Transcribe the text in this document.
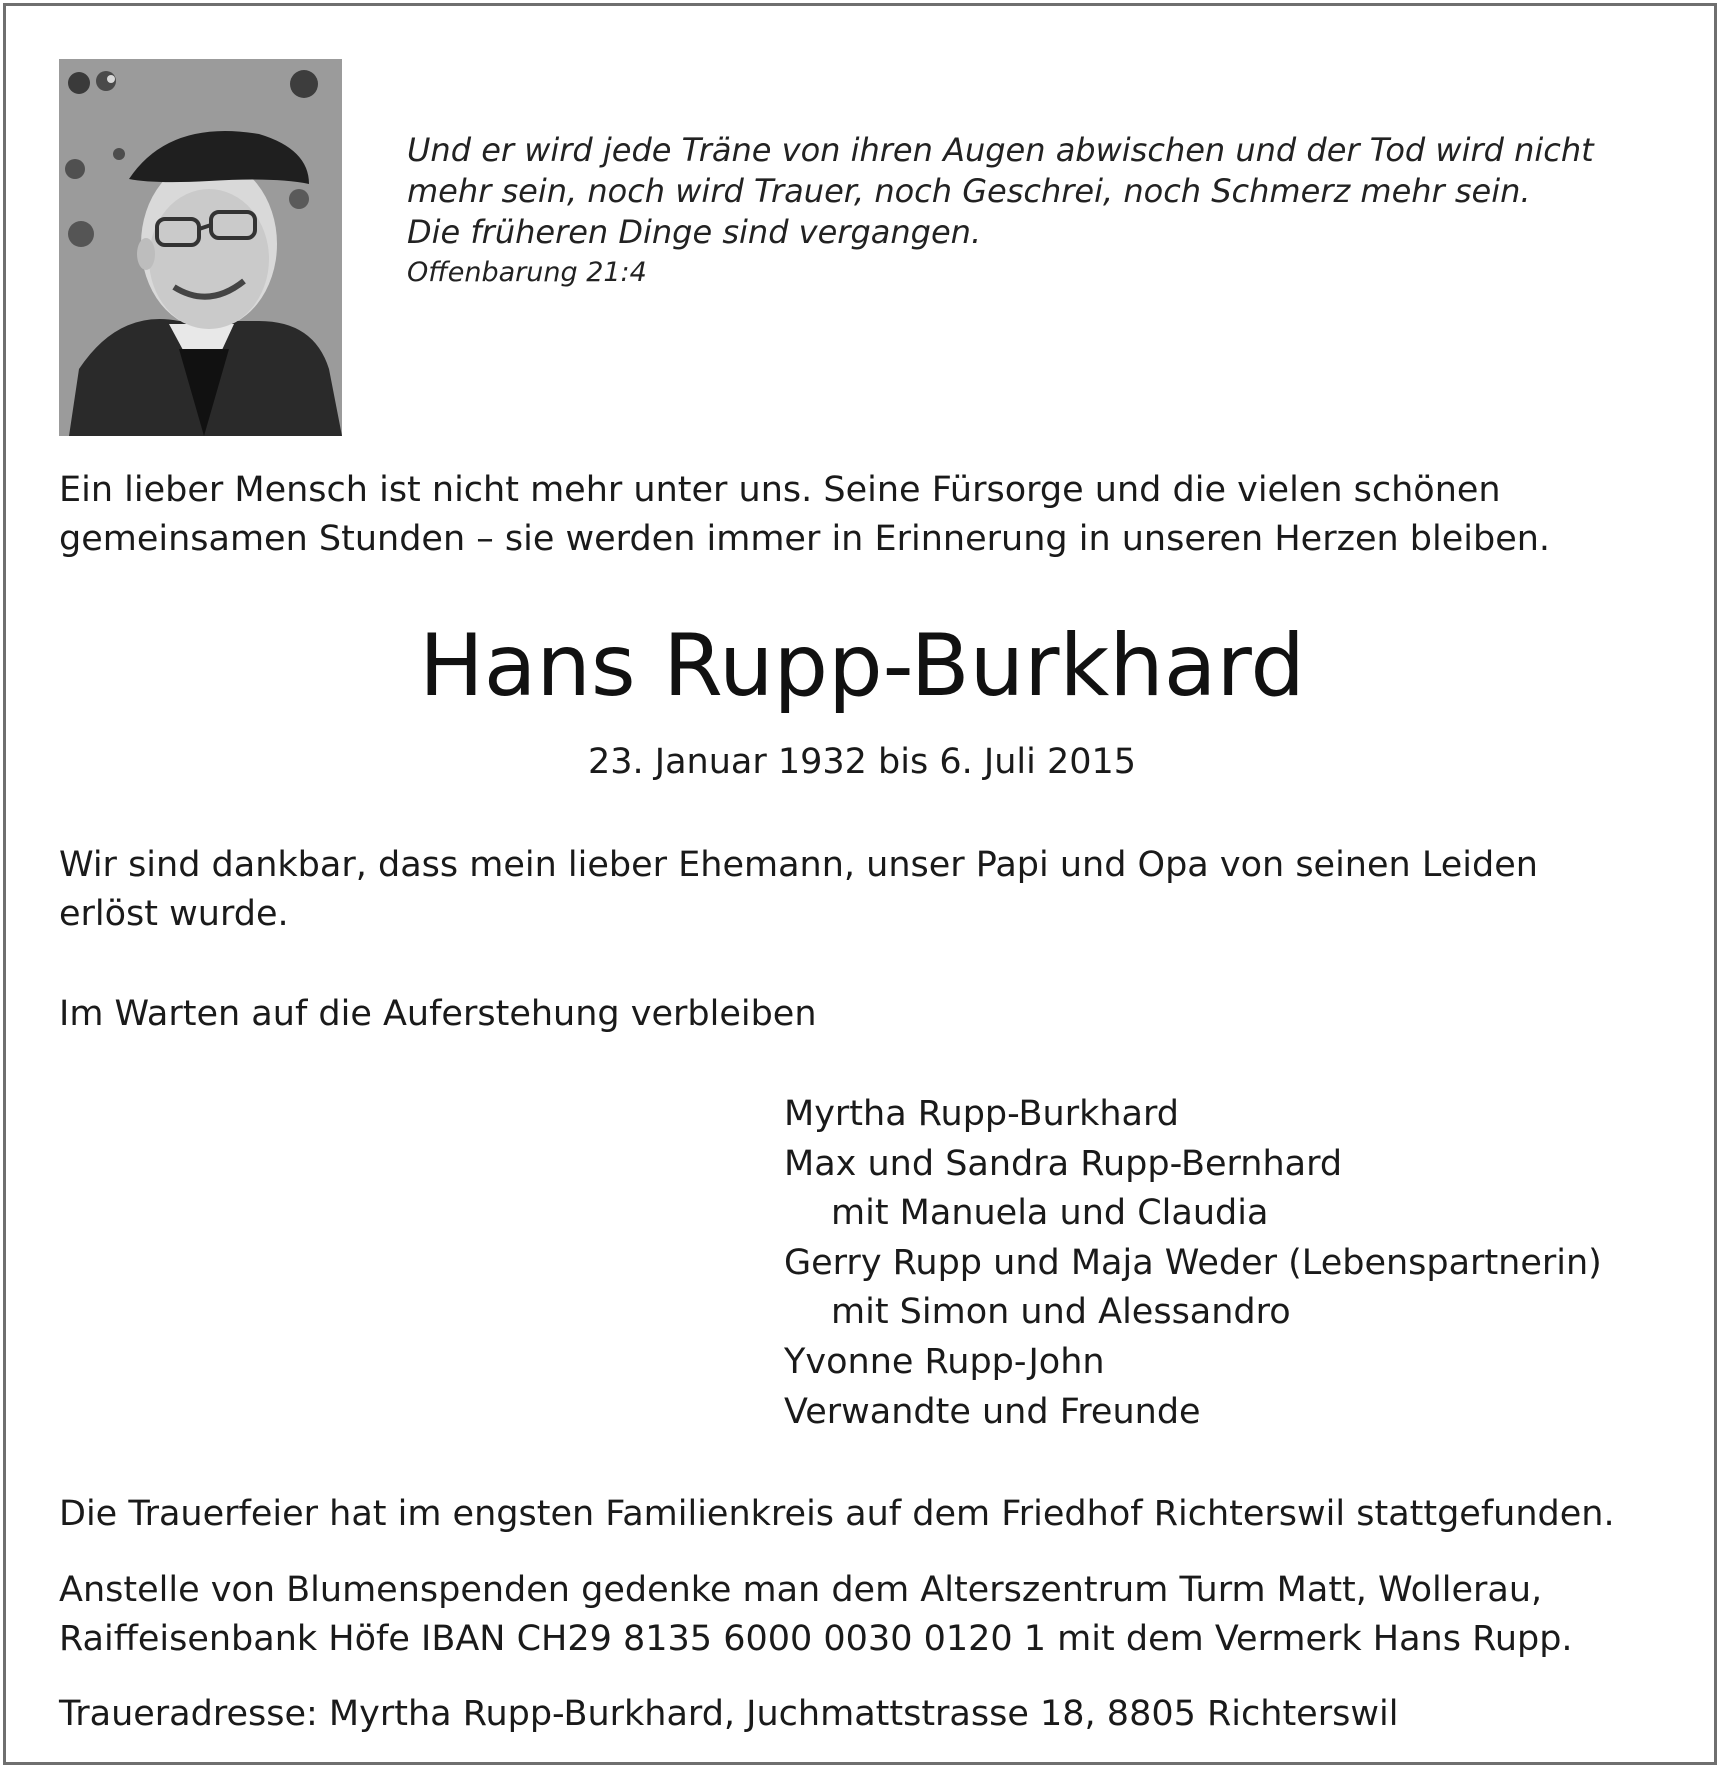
Und er wird jede Träne von ihren Augen abwischen und der Tod wird nicht
mehr sein, noch wird Trauer, noch Geschrei, noch Schmerz mehr sein.
Die früheren Dinge sind vergangen.
Offenbarung 21:4
Ein lieber Mensch ist nicht mehr unter uns. Seine Fürsorge und die vielen schönen
gemeinsamen Stunden – sie werden immer in Erinnerung in unseren Herzen bleiben.
Hans Rupp-Burkhard
23. Januar 1932 bis 6. Juli 2015
Wir sind dankbar, dass mein lieber Ehemann, unser Papi und Opa von seinen Leiden
erlöst wurde.
Im Warten auf die Auferstehung verbleiben
Myrtha Rupp-Burkhard
Max und Sandra Rupp-Bernhard
mit Manuela und Claudia
Gerry Rupp und Maja Weder (Lebenspartnerin)
mit Simon und Alessandro
Yvonne Rupp-John
Verwandte und Freunde
Die Trauerfeier hat im engsten Familienkreis auf dem Friedhof Richterswil stattgefunden.
Anstelle von Blumenspenden gedenke man dem Alterszentrum Turm Matt, Wollerau,
Raiffeisenbank Höfe IBAN CH29 8135 6000 0030 0120 1 mit dem Vermerk Hans Rupp.
Traueradresse: Myrtha Rupp-Burkhard, Juchmattstrasse 18, 8805 Richterswil
